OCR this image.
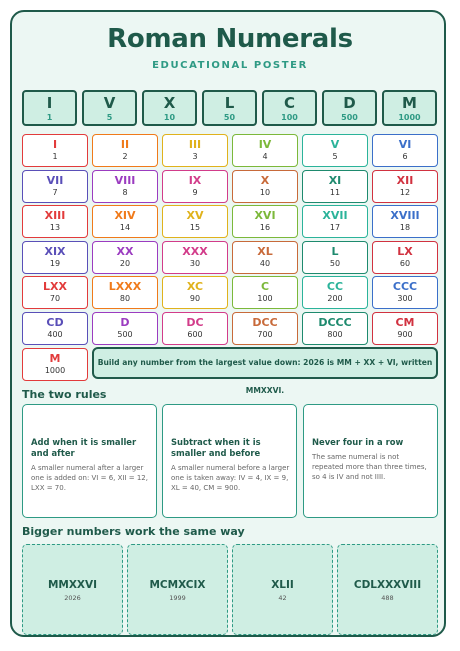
Roman Numerals
EDUCATIONAL POSTER
I
1
V
5
X
10
L
50
C
100
D
500
M
1000
I
1
II
2
III
3
IV
4
V
5
VI
6
VII
7
VIII
8
IX
9
X
10
XI
11
XII
12
XIII
13
XIV
14
XV
15
XVI
16
XVII
17
XVIII
18
XIX
19
XX
20
XXX
30
XL
40
L
50
LX
60
LXX
70
LXXX
80
XC
90
C
100
CC
200
CCC
300
CD
400
D
500
DC
600
DCC
700
DCCC
800
CM
900
M
1000
Build any number from the largest value down: 2026 is MM + XX + VI, written MMXXVI.
The two rules
Add when it is smaller and after
A smaller numeral after a larger one is added on: VI = 6, XII = 12, LXX = 70.
Subtract when it is smaller and before
A smaller numeral before a larger one is taken away: IV = 4, IX = 9, XL = 40, CM = 900.
Never four in a row
The same numeral is not repeated more than three times, so 4 is IV and not IIII.
Bigger numbers work the same way
MMXXVI
2026
MCMXCIX
1999
XLII
42
CDLXXXVIII
488
